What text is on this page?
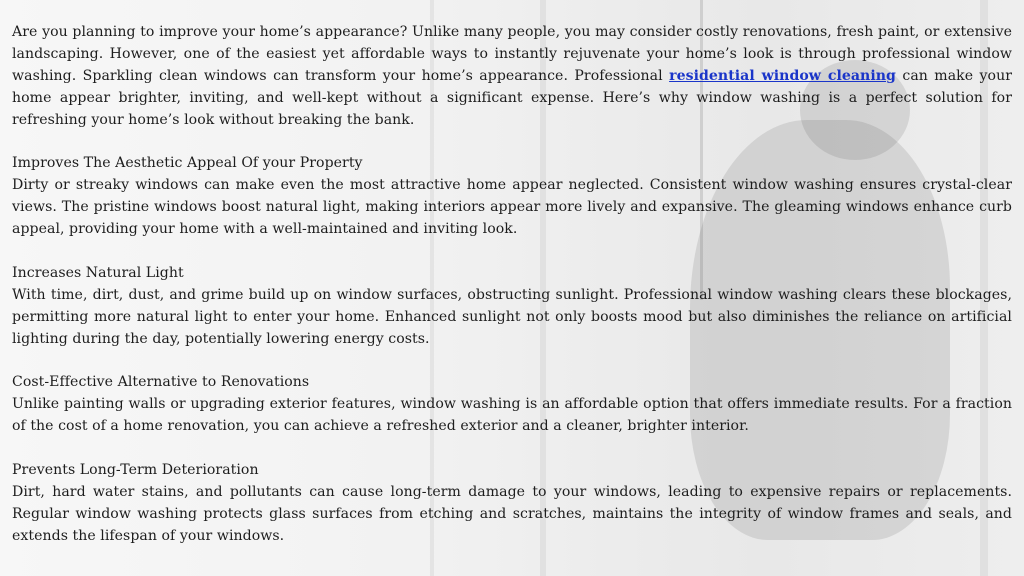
Are you planning to improve your home’s appearance? Unlike many people, you may consider costly renovations, fresh paint, or extensive landscaping. However, one of the easiest yet affordable ways to instantly rejuvenate your home’s look is through professional window washing. Sparkling clean windows can transform your home’s appearance. Professional residential window cleaning can make your home appear brighter, inviting, and well-kept without a significant expense. Here’s why window washing is a perfect solution for refreshing your home’s look without breaking the bank.

Improves The Aesthetic Appeal Of your Property

Dirty or streaky windows can make even the most attractive home appear neglected. Consistent window washing ensures crystal-clear views. The pristine windows boost natural light, making interiors appear more lively and expansive. The gleaming windows enhance curb appeal, providing your home with a well-maintained and inviting look.

Increases Natural Light

With time, dirt, dust, and grime build up on window surfaces, obstructing sunlight. Professional window washing clears these blockages, permitting more natural light to enter your home. Enhanced sunlight not only boosts mood but also diminishes the reliance on artificial lighting during the day, potentially lowering energy costs.

Cost-Effective Alternative to Renovations

Unlike painting walls or upgrading exterior features, window washing is an affordable option that offers immediate results. For a fraction of the cost of a home renovation, you can achieve a refreshed exterior and a cleaner, brighter interior.

Prevents Long-Term Deterioration

Dirt, hard water stains, and pollutants can cause long-term damage to your windows, leading to expensive repairs or replacements. Regular window washing protects glass surfaces from etching and scratches, maintains the integrity of window frames and seals, and extends the lifespan of your windows.
